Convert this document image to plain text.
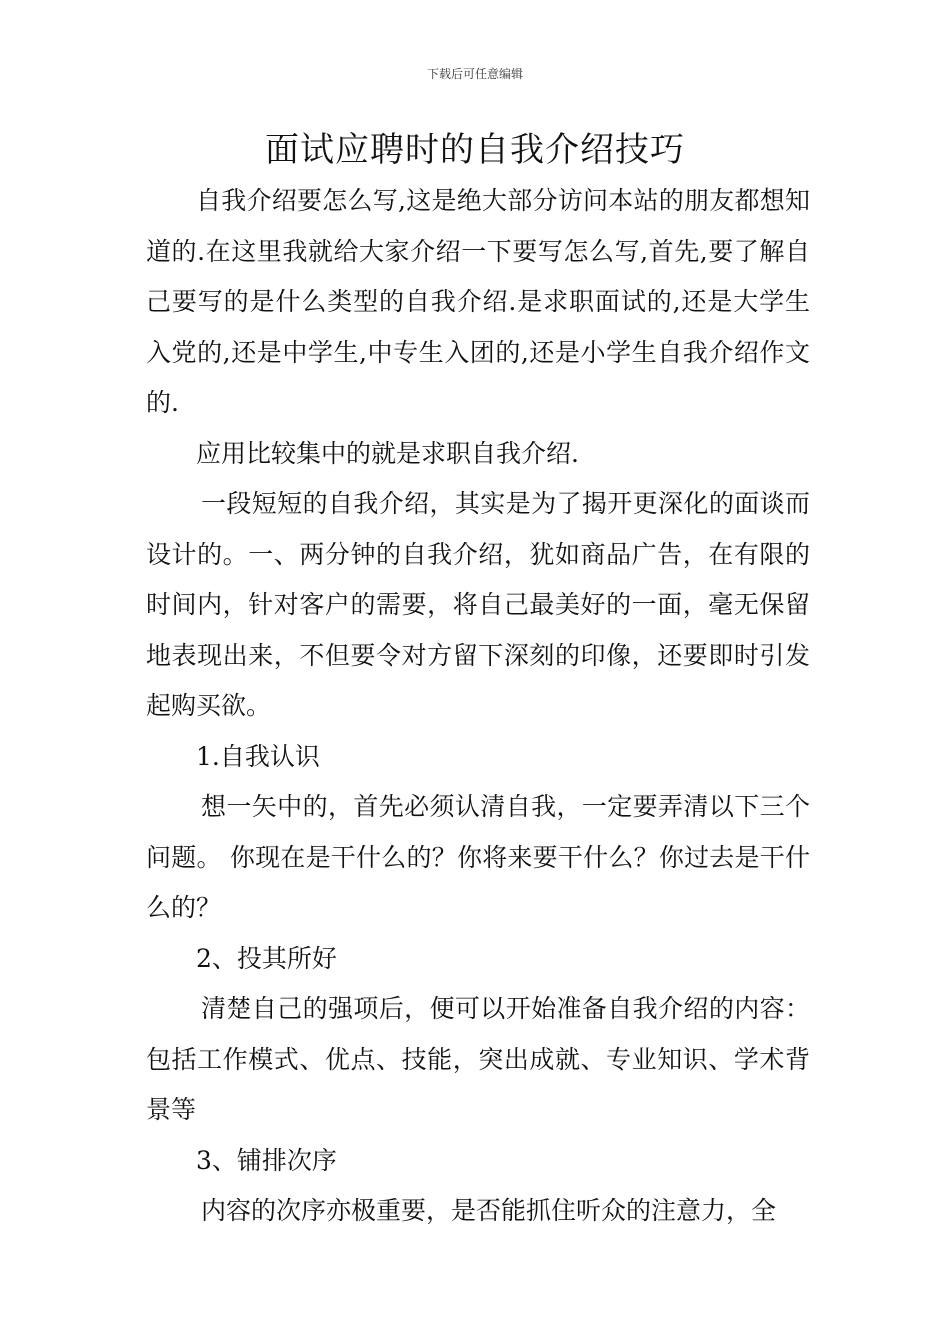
下载后可任意编辑
面试应聘时的自我介绍技巧

自我介绍要怎么写,这是绝大部分访问本站的朋友都想知道的.在这里我就给大家介绍一下要写怎么写,首先,要了解自己要写的是什么类型的自我介绍.是求职面试的,还是大学生入党的,还是中学生,中专生入团的,还是小学生自我介绍作文的.

应用比较集中的就是求职自我介绍.

一段短短的自我介绍，其实是为了揭开更深化的面谈而设计的。一、两分钟的自我介绍，犹如商品广告，在有限的时间内，针对客户的需要，将自己最美好的一面，毫无保留地表现出来，不但要令对方留下深刻的印像，还要即时引发起购买欲。

1.自我认识

想一矢中的，首先必须认清自我，一定要弄清以下三个问题。 你现在是干什么的？你将来要干什么？你过去是干什么的？

2、投其所好

清楚自己的强项后，便可以开始准备自我介绍的内容：包括工作模式、优点、技能，突出成就、专业知识、学术背景等

3、铺排次序

内容的次序亦极重要，是否能抓住听众的注意力，全
